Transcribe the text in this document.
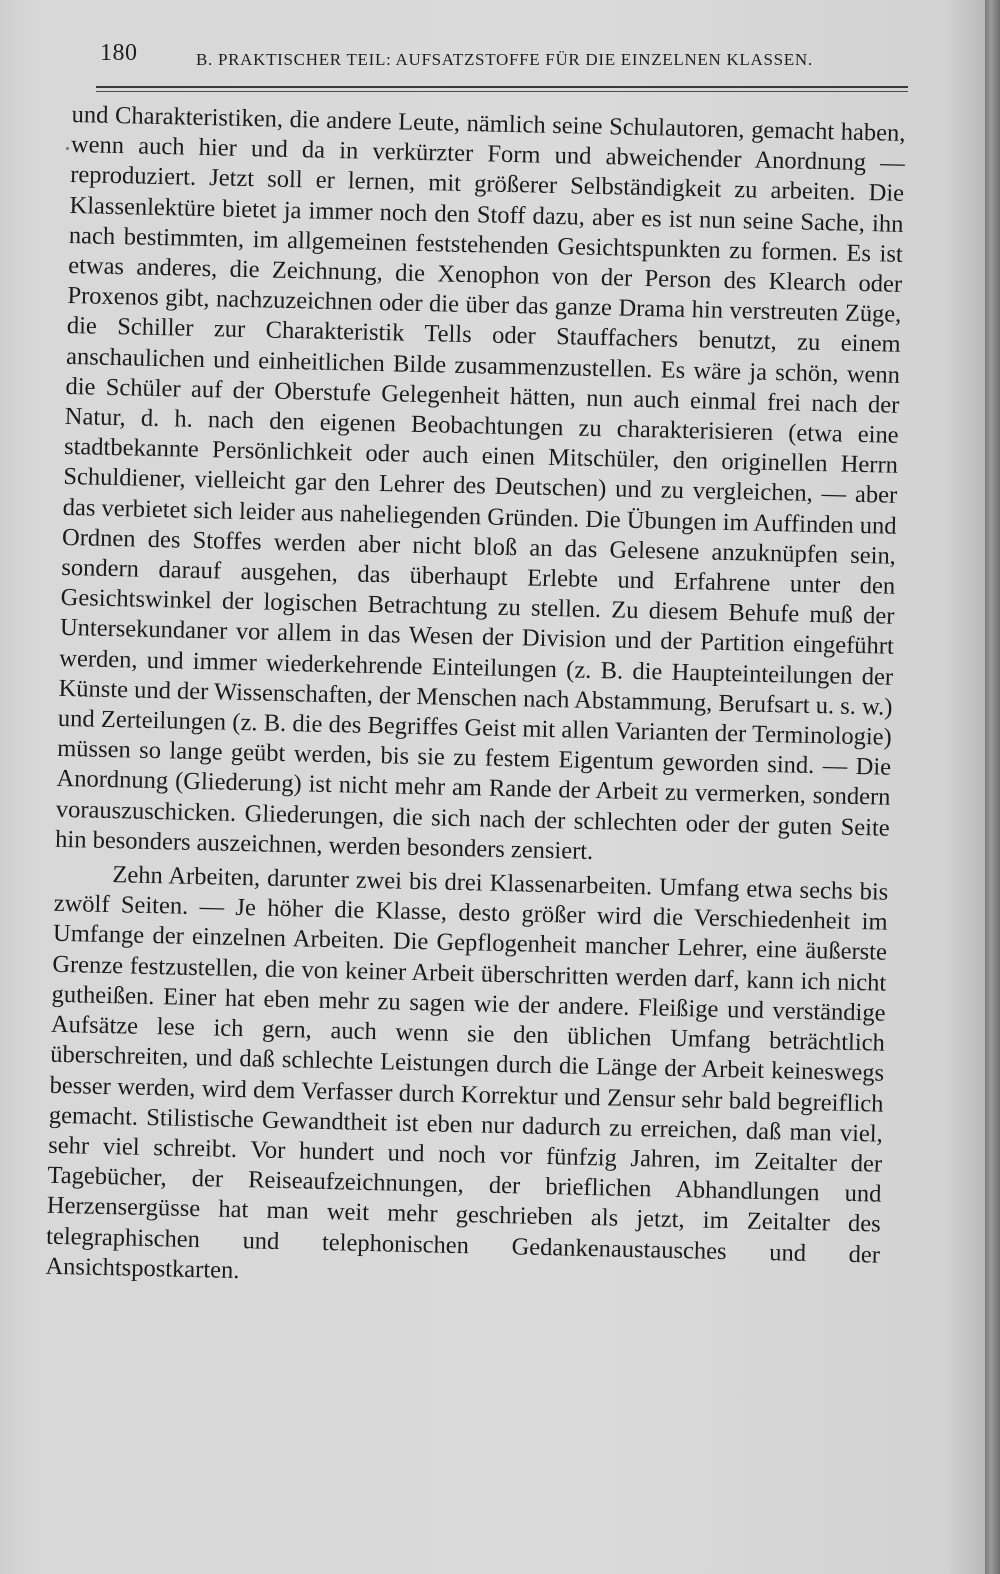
180	B. PRAKTISCHER TEIL: AUFSATZSTOFFE FÜR DIE EINZELNEN KLASSEN.

und Charakteristiken, die andere Leute, nämlich seine Schulautoren, gemacht haben, wenn auch hier und da in verkürzter Form und abweichender Anordnung — reproduziert. Jetzt soll er lernen, mit größerer Selbständigkeit zu arbeiten. Die Klassenlektüre bietet ja immer noch den Stoff dazu, aber es ist nun seine Sache, ihn nach bestimmten, im allgemeinen feststehenden Gesichtspunkten zu formen. Es ist etwas anderes, die Zeichnung, die Xenophon von der Person des Klearch oder Proxenos gibt, nachzuzeichnen oder die über das ganze Drama hin verstreuten Züge, die Schiller zur Charakteristik Tells oder Stauffachers benutzt, zu einem anschaulichen und einheitlichen Bilde zusammenzustellen. Es wäre ja schön, wenn die Schüler auf der Oberstufe Gelegenheit hätten, nun auch einmal frei nach der Natur, d. h. nach den eigenen Beobachtungen zu charakterisieren (etwa eine stadtbekannte Persönlichkeit oder auch einen Mitschüler, den originellen Herrn Schuldiener, vielleicht gar den Lehrer des Deutschen) und zu vergleichen, — aber das verbietet sich leider aus naheliegenden Gründen. Die Übungen im Auffinden und Ordnen des Stoffes werden aber nicht bloß an das Gelesene anzuknüpfen sein, sondern darauf ausgehen, das überhaupt Erlebte und Erfahrene unter den Gesichtswinkel der logischen Betrachtung zu stellen. Zu diesem Behufe muß der Untersekundaner vor allem in das Wesen der Division und der Partition eingeführt werden, und immer wiederkehrende Einteilungen (z. B. die Haupteinteilungen der Künste und der Wissenschaften, der Menschen nach Abstammung, Berufsart u. s. w.) und Zerteilungen (z. B. die des Begriffes Geist mit allen Varianten der Terminologie) müssen so lange geübt werden, bis sie zu festem Eigentum geworden sind. — Die Anordnung (Gliederung) ist nicht mehr am Rande der Arbeit zu vermerken, sondern vorauszuschicken. Gliederungen, die sich nach der schlechten oder der guten Seite hin besonders auszeichnen, werden besonders zensiert.

Zehn Arbeiten, darunter zwei bis drei Klassenarbeiten. Umfang etwa sechs bis zwölf Seiten. — Je höher die Klasse, desto größer wird die Verschiedenheit im Umfange der einzelnen Arbeiten. Die Gepflogenheit mancher Lehrer, eine äußerste Grenze festzustellen, die von keiner Arbeit überschritten werden darf, kann ich nicht gutheißen. Einer hat eben mehr zu sagen wie der andere. Fleißige und verständige Aufsätze lese ich gern, auch wenn sie den üblichen Umfang beträchtlich überschreiten, und daß schlechte Leistungen durch die Länge der Arbeit keineswegs besser werden, wird dem Verfasser durch Korrektur und Zensur sehr bald begreiflich gemacht. Stilistische Gewandtheit ist eben nur dadurch zu erreichen, daß man viel, sehr viel schreibt. Vor hundert und noch vor fünfzig Jahren, im Zeitalter der Tagebücher, der Reiseaufzeichnungen, der brieflichen Abhandlungen und Herzensergüsse hat man weit mehr geschrieben als jetzt, im Zeitalter des telegraphischen und telephonischen Gedankenaustausches und der Ansichtspostkarten.
